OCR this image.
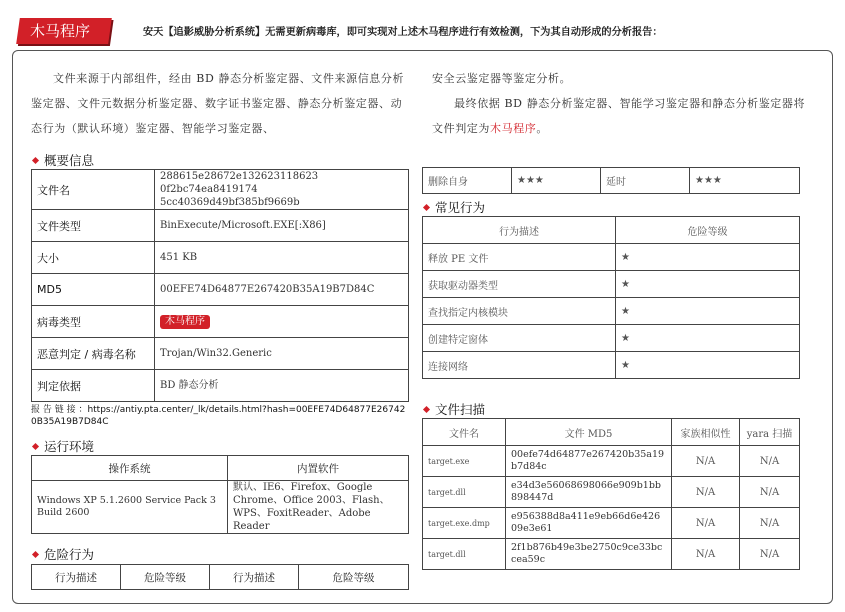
木马程序	安天【追影威胁分析系统】无需更新病毒库，即可实现对上述木马程序进行有效检测，下为其自动形成的分析报告：
文件来源于内部组件，经由 BD 静态分析鉴定器、文件来源信息分析鉴定器、文件元数据分析鉴定器、数字证书鉴定器、静态分析鉴定器、动态行为（默认环境）鉴定器、智能学习鉴定器、
安全云鉴定器等鉴定分析。
最终依据 BD 静态分析鉴定器、智能学习鉴定器和静态分析鉴定器将文件判定为木马程序。
概要信息
文件名	288615e28672e132623118623 0f2bc74ea8419174
5cc40369d49bf385bf9669b
文件类型	BinExecute/Microsoft.EXE[:X86]
大小	451 KB
MD5	00EFE74D64877E267420B35A19B7D84C
病毒类型	木马程序
恶意判定 / 病毒名称	Trojan/Win32.Generic
判定依据	BD 静态分析
报 告 链 接 ：https://antiy.pta.center/_lk/details.html?hash=00EFE74D64877E267420B35A19B7D84C
运行环境
操作系统	内置软件
Windows XP 5.1.2600 Service Pack 3 Build 2600	默认、IE6、Firefox、Google Chrome、Office 2003、Flash、WPS、FoxitReader、Adobe Reader
危险行为
行为描述	危险等级	行为描述	危险等级
删除自身	★★★	延时	★★★
常见行为
行为描述	危险等级
释放 PE 文件	★
获取驱动器类型	★
查找指定内核模块	★
创建特定窗体	★
连接网络	★
文件扫描
文件名	文件 MD5	家族相似性	yara 扫描
target.exe	00efe74d64877e267420b35a19b7d84c	N/A	N/A
target.dll	e34d3e56068698066e909b1bb898447d	N/A	N/A
target.exe.dmp	e956388d8a411e9eb66d6e42609e3e61	N/A	N/A
target.dll	2f1b876b49e3be2750c9ce33bccea59c	N/A	N/A
